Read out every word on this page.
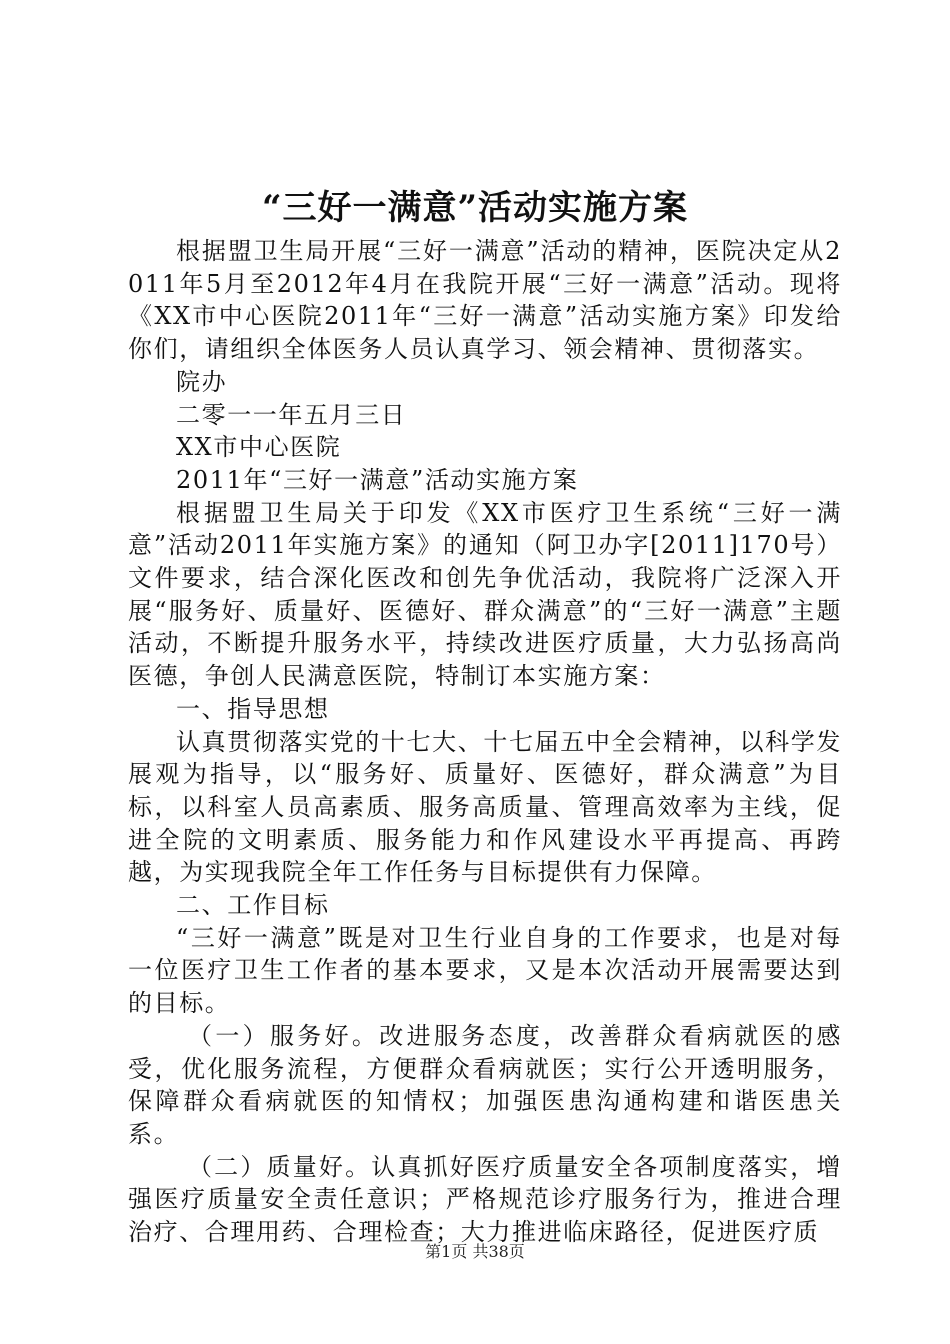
“三好一满意”活动实施方案

根据盟卫生局开展“三好一满意”活动的精神，医院决定从2011年5月至2012年4月在我院开展“三好一满意”活动。现将《XX市中心医院2011年“三好一满意”活动实施方案》印发给你们，请组织全体医务人员认真学习、领会精神、贯彻落实。

院办

二零一一年五月三日

XX市中心医院

2011年“三好一满意”活动实施方案

根据盟卫生局关于印发《XX市医疗卫生系统“三好一满意”活动2011年实施方案》的通知（阿卫办字[2011]170号）文件要求，结合深化医改和创先争优活动，我院将广泛深入开展“服务好、质量好、医德好、群众满意”的“三好一满意”主题活动，不断提升服务水平，持续改进医疗质量，大力弘扬高尚医德，争创人民满意医院，特制订本实施方案：

一、指导思想

认真贯彻落实党的十七大、十七届五中全会精神，以科学发展观为指导，以“服务好、质量好、医德好，群众满意”为目标，以科室人员高素质、服务高质量、管理高效率为主线，促进全院的文明素质、服务能力和作风建设水平再提高、再跨越，为实现我院全年工作任务与目标提供有力保障。

二、工作目标

“三好一满意”既是对卫生行业自身的工作要求，也是对每一位医疗卫生工作者的基本要求，又是本次活动开展需要达到的目标。

（一）服务好。改进服务态度，改善群众看病就医的感受，优化服务流程，方便群众看病就医；实行公开透明服务，保障群众看病就医的知情权；加强医患沟通构建和谐医患关系。

（二）质量好。认真抓好医疗质量安全各项制度落实，增强医疗质量安全责任意识；严格规范诊疗服务行为，推进合理治疗、合理用药、合理检查；大力推进临床路径，促进医疗质

第1页 共38页
